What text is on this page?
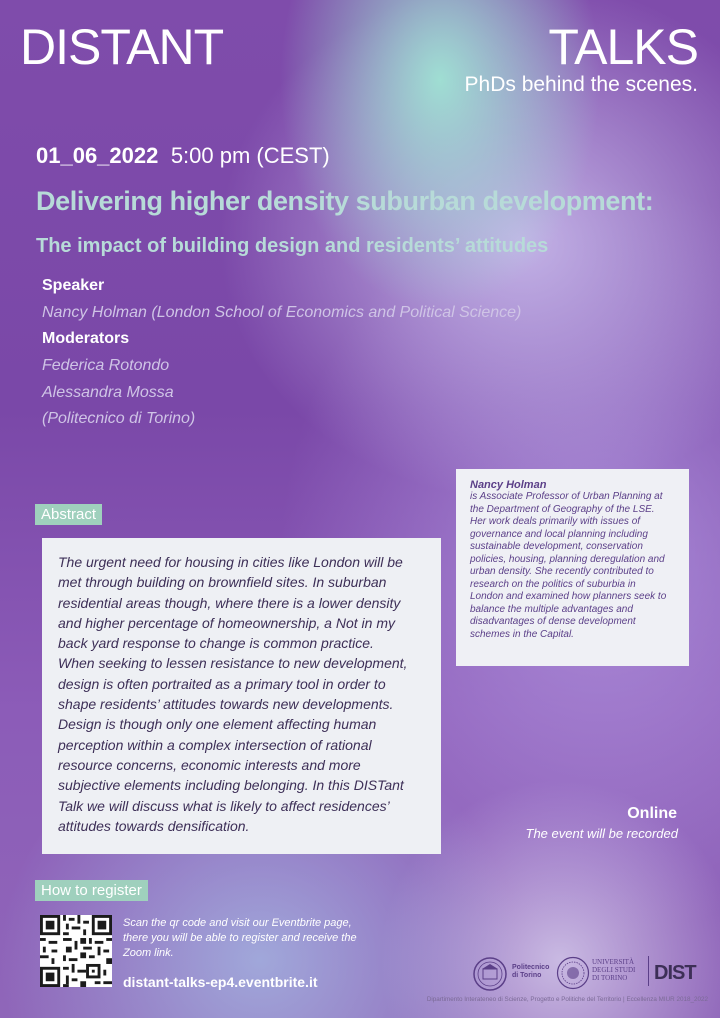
DISTANT	TALKS
PhDs behind the scenes.
01_06_2022 5:00 pm (CEST)
Delivering higher density suburban development:
The impact of building design and residents’ attitudes
Speaker
Nancy Holman (London School of Economics and Political Science)
Moderators
Federica Rotondo
Alessandra Mossa
(Politecnico di Torino)
Abstract

The urgent need for housing in cities like London will be
met through building on brownfield sites. In suburban
residential areas though, where there is a lower density
and higher percentage of homeownership, a Not in my
back yard response to change is common practice.
When seeking to lessen resistance to new development,
design is often portraited as a primary tool in order to
shape residents’ attitudes towards new developments.
Design is though only one element affecting human
perception within a complex intersection of rational
resource concerns, economic interests and more
subjective elements including belonging. In this DISTant
Talk we will discuss what is likely to affect residences’
attitudes towards densification.

Nancy Holman

is Associate Professor of Urban Planning at
the Department of Geography of the LSE.
Her work deals primarily with issues of
governance and local planning including
sustainable development, conservation
policies, housing, planning deregulation and
urban density. She recently contributed to
research on the politics of suburbia in
London and examined how planners seek to
balance the multiple advantages and
disadvantages of dense development
schemes in the Capital.

Online
The event will be recorded
How to register
Scan the qr code and visit our Eventbrite page,
there you will be able to register and receive the
Zoom link.
distant-talks-ep4.eventbrite.it
Politecnico
di Torino
UNIVERSITÀ
DEGLI STUDI
DI TORINO	DIST
Dipartimento Interateneo di Scienze, Progetto e Politiche del Territorio | Eccellenza MIUR 2018_2022
